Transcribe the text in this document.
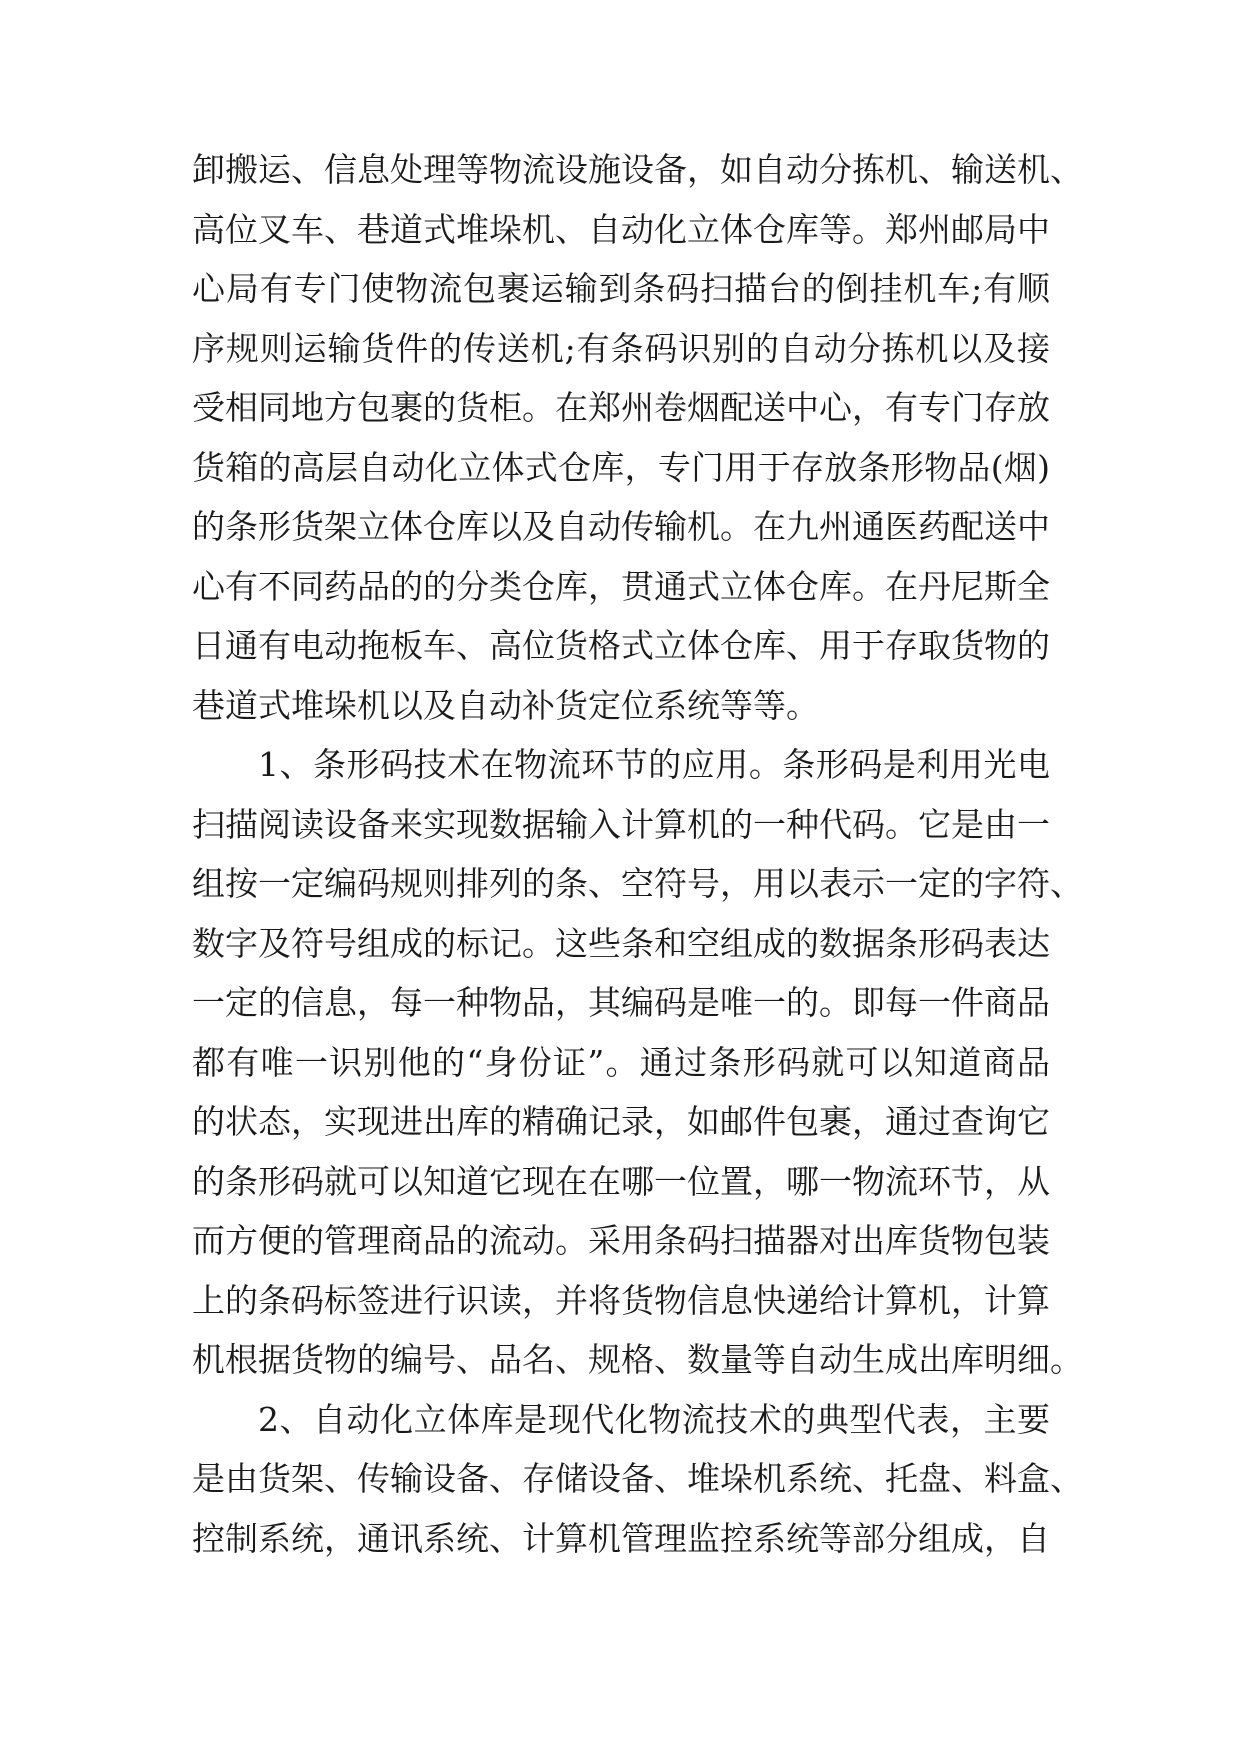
卸搬运、信息处理等物流设施设备，如自动分拣机、输送机、
高位叉车、巷道式堆垛机、自动化立体仓库等。郑州邮局中
心局有专门使物流包裹运输到条码扫描台的倒挂机车;有顺
序规则运输货件的传送机;有条码识别的自动分拣机以及接
受相同地方包裹的货柜。在郑州卷烟配送中心，有专门存放
货箱的高层自动化立体式仓库，专门用于存放条形物品(烟)
的条形货架立体仓库以及自动传输机。在九州通医药配送中
心有不同药品的的分类仓库，贯通式立体仓库。在丹尼斯全
日通有电动拖板车、高位货格式立体仓库、用于存取货物的
巷道式堆垛机以及自动补货定位系统等等。
1、条形码技术在物流环节的应用。条形码是利用光电
扫描阅读设备来实现数据输入计算机的一种代码。它是由一
组按一定编码规则排列的条、空符号，用以表示一定的字符、
数字及符号组成的标记。这些条和空组成的数据条形码表达
一定的信息，每一种物品，其编码是唯一的。即每一件商品
都有唯一识别他的“身份证”。通过条形码就可以知道商品
的状态，实现进出库的精确记录，如邮件包裹，通过查询它
的条形码就可以知道它现在在哪一位置，哪一物流环节，从
而方便的管理商品的流动。采用条码扫描器对出库货物包装
上的条码标签进行识读，并将货物信息快递给计算机，计算
机根据货物的编号、品名、规格、数量等自动生成出库明细。
2、自动化立体库是现代化物流技术的典型代表，主要
是由货架、传输设备、存储设备、堆垛机系统、托盘、料盒、
控制系统，通讯系统、计算机管理监控系统等部分组成，自
